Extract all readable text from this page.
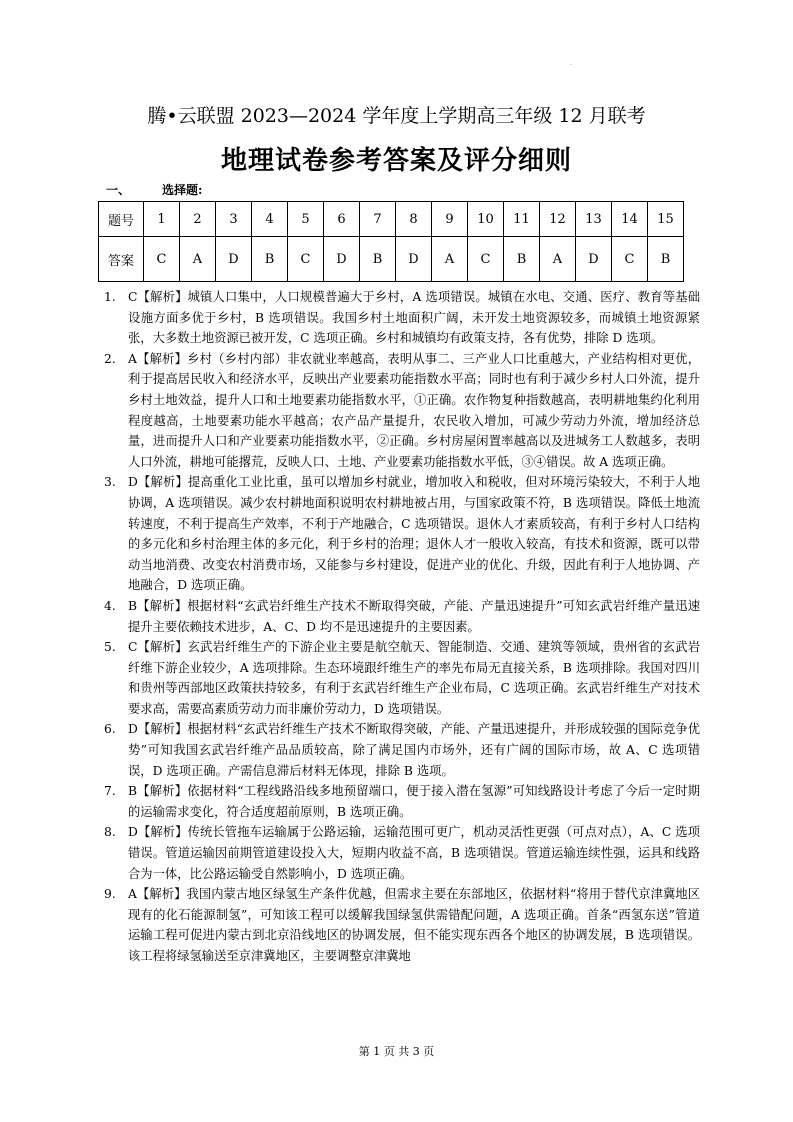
·
腾•云联盟 2023—2024 学年度上学期高三年级 12 月联考
地理试卷参考答案及评分细则
一、	选择题:
题号	1	2	3	4	5	6	7	8	9	10	11	12	13	14	15
答案	C	A	D	B	C	D	B	D	A	C	B	A	D	C	B
1. C【解析】城镇人口集中，人口规模普遍大于乡村，A 选项错误。城镇在水电、交通、医疗、教育等基础设施方面多优于乡村，B 选项错误。我国乡村土地面积广阔，未开发土地资源较多，而城镇土地资源紧张，大多数土地资源已被开发，C 选项正确。乡村和城镇均有政策支持，各有优势，排除 D 选项。
2. A【解析】乡村（乡村内部）非农就业率越高，表明从事二、三产业人口比重越大，产业结构相对更优，利于提高居民收入和经济水平，反映出产业要素功能指数水平高；同时也有利于减少乡村人口外流，提升乡村土地效益，提升人口和土地要素功能指数水平，①正确。农作物复种指数越高，表明耕地集约化利用程度越高，土地要素功能水平越高；农产品产量提升，农民收入增加，可减少劳动力外流，增加经济总量，进而提升人口和产业要素功能指数水平，②正确。乡村房屋闲置率越高以及进城务工人数越多，表明人口外流，耕地可能撂荒，反映人口、土地、产业要素功能指数水平低，③④错误。故 A 选项正确。
3. D【解析】提高重化工业比重，虽可以增加乡村就业，增加收入和税收，但对环境污染较大，不利于人地协调，A 选项错误。减少农村耕地面积说明农村耕地被占用，与国家政策不符，B 选项错误。降低土地流转速度，不利于提高生产效率，不利于产地融合，C 选项错误。退休人才素质较高，有利于乡村人口结构的多元化和乡村治理主体的多元化，利于乡村的治理；退休人才一般收入较高，有技术和资源，既可以带动当地消费、改变农村消费市场，又能参与乡村建设，促进产业的优化、升级，因此有利于人地协调、产地融合，D 选项正确。
4. B【解析】根据材料“玄武岩纤维生产技术不断取得突破，产能、产量迅速提升”可知玄武岩纤维产量迅速提升主要依赖技术进步，A、C、D 均不是迅速提升的主要因素。
5. C【解析】玄武岩纤维生产的下游企业主要是航空航天、智能制造、交通、建筑等领域，贵州省的玄武岩纤维下游企业较少，A 选项排除。生态环境跟纤维生产的率先布局无直接关系，B 选项排除。我国对四川和贵州等西部地区政策扶持较多，有利于玄武岩纤维生产企业布局，C 选项正确。玄武岩纤维生产对技术要求高，需要高素质劳动力而非廉价劳动力，D 选项错误。
6. D【解析】根据材料“玄武岩纤维生产技术不断取得突破，产能、产量迅速提升，并形成较强的国际竞争优势”可知我国玄武岩纤维产品品质较高，除了满足国内市场外，还有广阔的国际市场，故 A、C 选项错误，D 选项正确。产需信息滞后材料无体现，排除 B 选项。
7. B【解析】依据材料“工程线路沿线多地预留端口，便于接入潜在氢源”可知线路设计考虑了今后一定时期的运输需求变化，符合适度超前原则，B 选项正确。
8. D【解析】传统长管拖车运输属于公路运输，运输范围可更广，机动灵活性更强（可点对点），A、C 选项错误。管道运输因前期管道建设投入大，短期内收益不高，B 选项错误。管道运输连续性强，运具和线路合为一体，比公路运输受自然影响小，D 选项正确。
9. A【解析】我国内蒙古地区绿氢生产条件优越，但需求主要在东部地区，依据材料“将用于替代京津冀地区现有的化石能源制氢”，可知该工程可以缓解我国绿氢供需错配问题，A 选项正确。首条“西氢东送”管道运输工程可促进内蒙古到北京沿线地区的协调发展，但不能实现东西各个地区的协调发展，B 选项错误。该工程将绿氢输送至京津冀地区，主要调整京津冀地
第 1 页 共 3 页
